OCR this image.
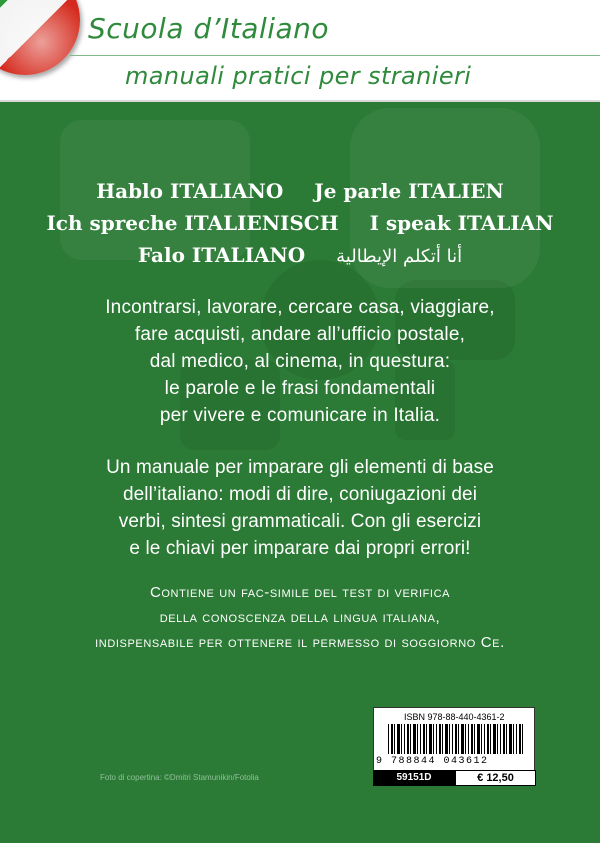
Scuola d’Italiano
manuali pratici per stranieri
Hablo ITALIANO Je parle ITALIEN
Ich spreche ITALIENISCH I speak ITALIAN
Falo ITALIANO أنا أتكلم الإيطالية
Incontrarsi, lavorare, cercare casa, viaggiare,
fare acquisti, andare all’ufficio postale,
dal medico, al cinema, in questura:
le parole e le frasi fondamentali
per vivere e comunicare in Italia.
Un manuale per imparare gli elementi di base
dell’italiano: modi di dire, coniugazioni dei
verbi, sintesi grammaticali. Con gli esercizi
e le chiavi per imparare dai propri errori!
Contiene un fac-simile del test di verifica
della conoscenza della lingua italiana,
indispensabile per ottenere il permesso di soggiorno Ce.
Foto di copertina: ©Dmitri Stamunikin/Fotolia
ISBN 978-88-440-4361-2
9 788844 043612
59151D	€ 12,50
